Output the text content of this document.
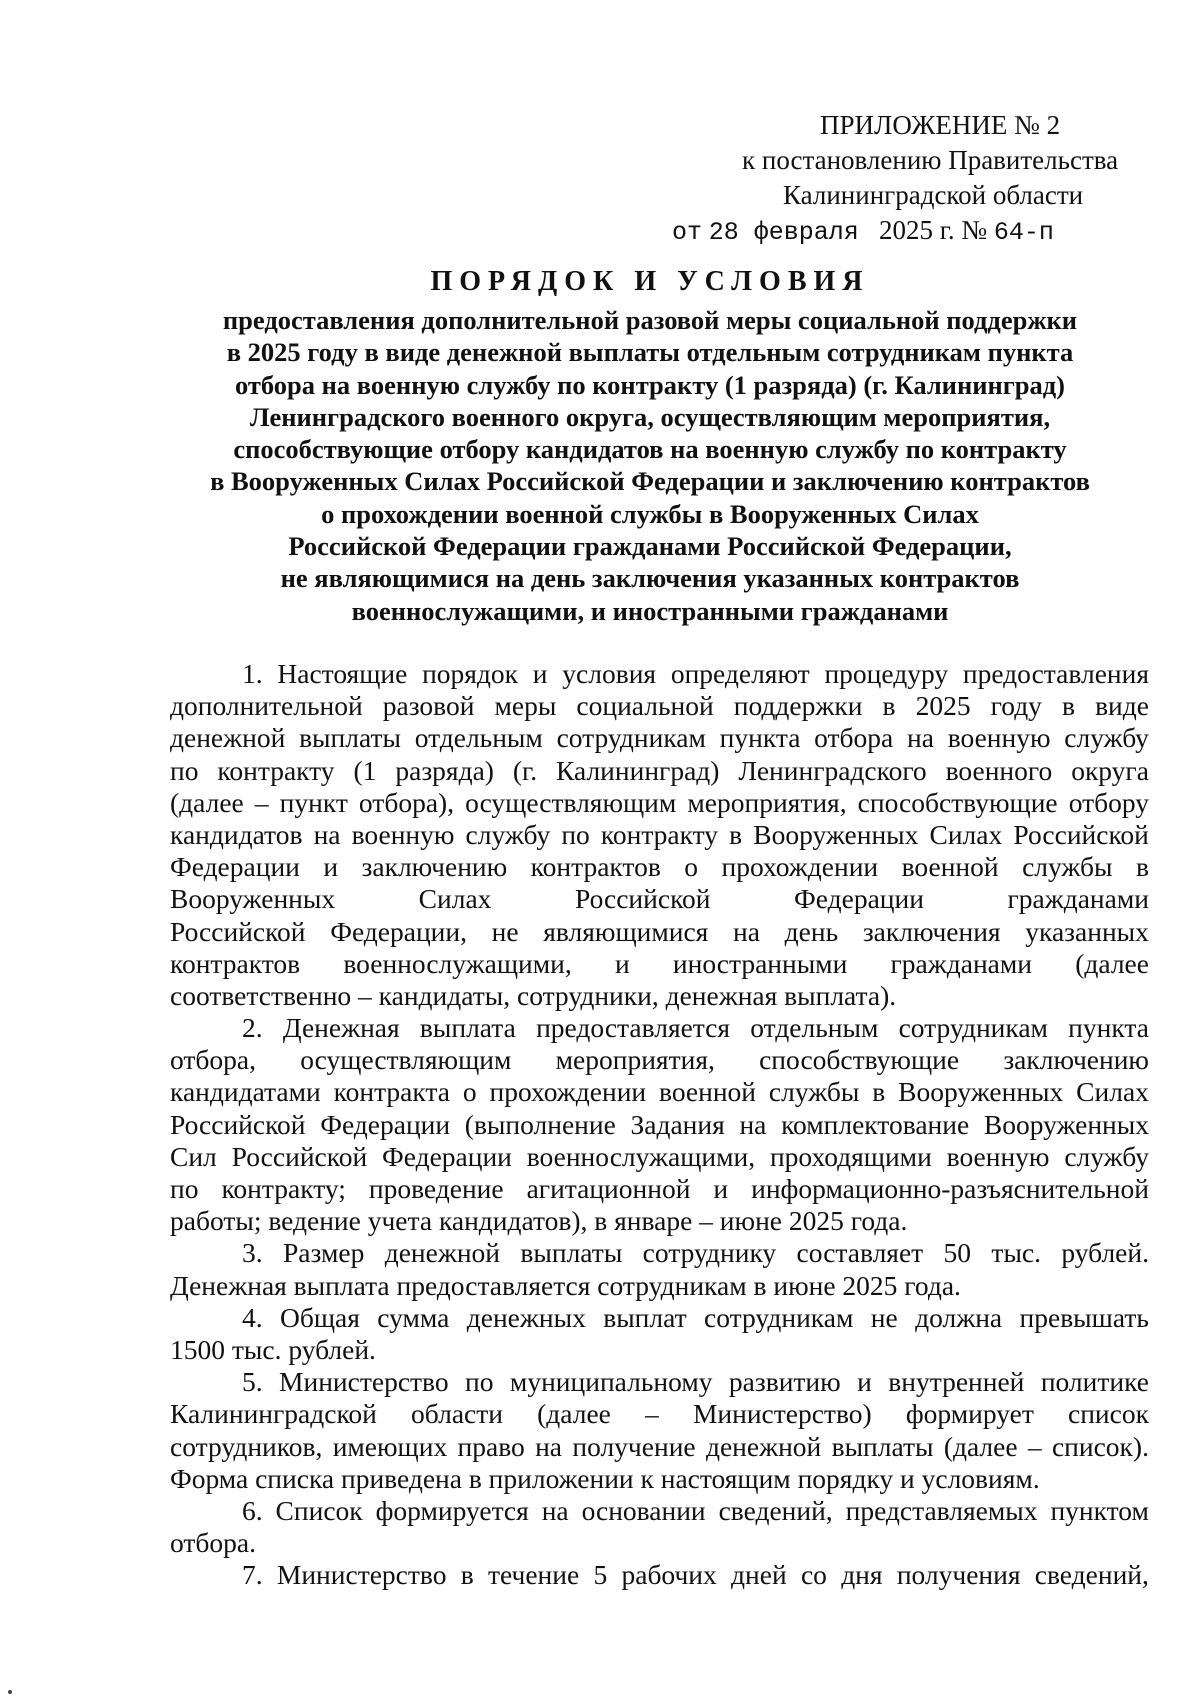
ПРИЛОЖЕНИЕ № 2
к постановлению Правительства
Калининградской области
от 28 февраля 2025 г. № 64-п
ПОРЯДОК И УСЛОВИЯ
предоставления дополнительной разовой меры социальной поддержки
в 2025 году в виде денежной выплаты отдельным сотрудникам пункта
отбора на военную службу по контракту (1 разряда) (г. Калининград)
Ленинградского военного округа, осуществляющим мероприятия,
способствующие отбору кандидатов на военную службу по контракту
в Вооруженных Силах Российской Федерации и заключению контрактов
о прохождении военной службы в Вооруженных Силах
Российской Федерации гражданами Российской Федерации,
не являющимися на день заключения указанных контрактов
военнослужащими, и иностранными гражданами
1. Настоящие порядок и условия определяют процедуру предоставления
дополнительной разовой меры социальной поддержки в 2025 году в виде
денежной выплаты отдельным сотрудникам пункта отбора на военную службу
по контракту (1 разряда) (г. Калининград) Ленинградского военного округа
(далее – пункт отбора), осуществляющим мероприятия, способствующие отбору
кандидатов на военную службу по контракту в Вооруженных Силах Российской
Федерации и заключению контрактов о прохождении военной службы в
Вооруженных	Силах	Российской	Федерации	гражданами
Российской Федерации, не являющимися на день заключения указанных
контрактов военнослужащими, и иностранными гражданами (далее
соответственно – кандидаты, сотрудники, денежная выплата).
2. Денежная выплата предоставляется отдельным сотрудникам пункта
отбора, осуществляющим мероприятия, способствующие заключению
кандидатами контракта о прохождении военной службы в Вооруженных Силах
Российской Федерации (выполнение Задания на комплектование Вооруженных
Сил Российской Федерации военнослужащими, проходящими военную службу
по контракту; проведение агитационной и информационно-разъяснительной
работы; ведение учета кандидатов), в январе – июне 2025 года.
3. Размер денежной выплаты сотруднику составляет 50 тыс. рублей.
Денежная выплата предоставляется сотрудникам в июне 2025 года.
4. Общая сумма денежных выплат сотрудникам не должна превышать
1500 тыс. рублей.
5. Министерство по муниципальному развитию и внутренней политике
Калининградской области (далее – Министерство) формирует список
сотрудников, имеющих право на получение денежной выплаты (далее – список).
Форма списка приведена в приложении к настоящим порядку и условиям.
6. Список формируется на основании сведений, представляемых пунктом
отбора.
7. Министерство в течение 5 рабочих дней со дня получения сведений,
